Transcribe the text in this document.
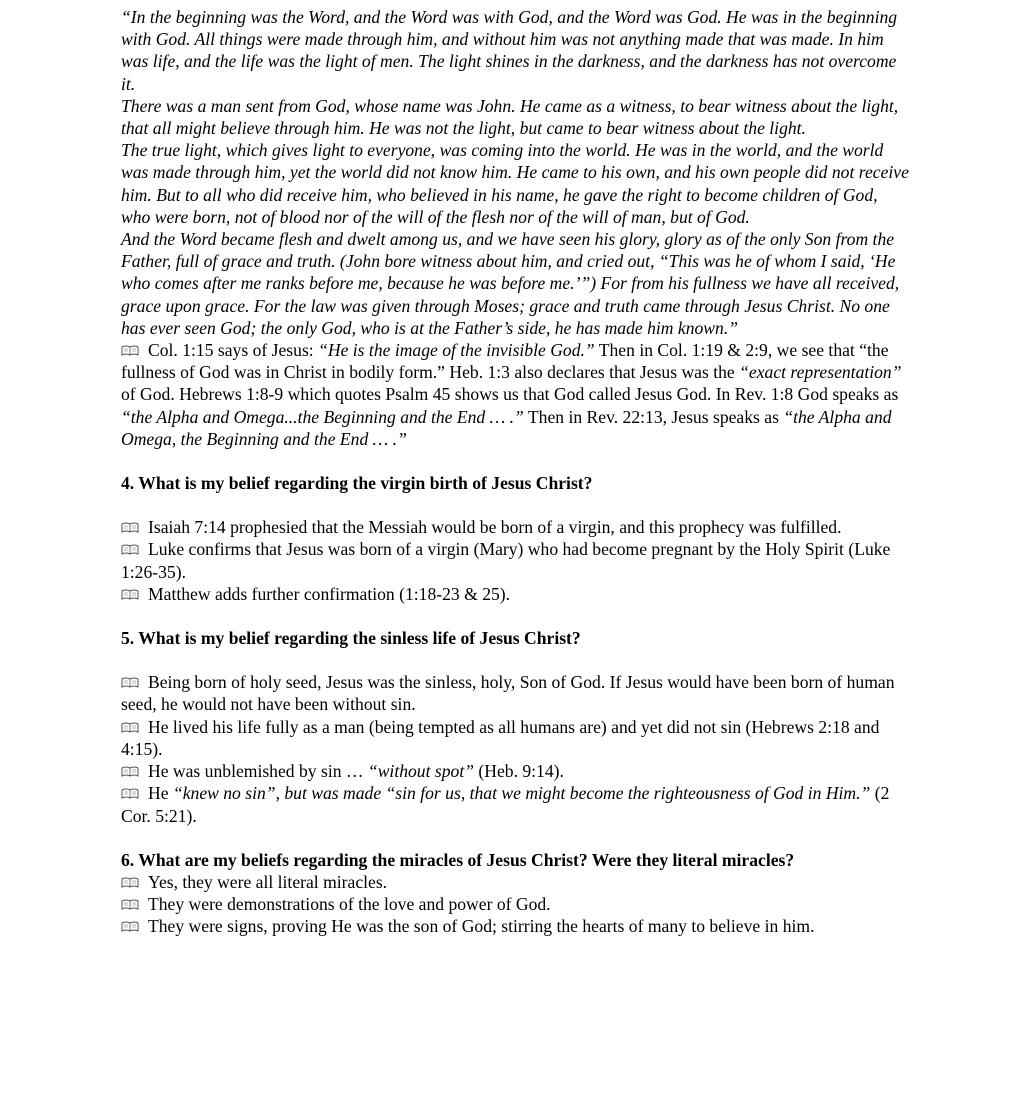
“In the beginning was the Word, and the Word was with God, and the Word was God. He was in the beginning with God. All things were made through him, and without him was not anything made that was made. In him was life, and the life was the light of men. The light shines in the darkness, and the darkness has not overcome it.

There was a man sent from God, whose name was John. He came as a witness, to bear witness about the light, that all might believe through him. He was not the light, but came to bear witness about the light.

The true light, which gives light to everyone, was coming into the world. He was in the world, and the world was made through him, yet the world did not know him. He came to his own, and his own people did not receive him. But to all who did receive him, who believed in his name, he gave the right to become children of God, who were born, not of blood nor of the will of the flesh nor of the will of man, but of God.

And the Word became flesh and dwelt among us, and we have seen his glory, glory as of the only Son from the Father, full of grace and truth. (John bore witness about him, and cried out, “This was he of whom I said, ‘He who comes after me ranks before me, because he was before me.’”) For from his fullness we have all received, grace upon grace. For the law was given through Moses; grace and truth came through Jesus Christ. No one has ever seen God; the only God, who is at the Father’s side, he has made him known.”

Col. 1:15 says of Jesus: “He is the image of the invisible God.” Then in Col. 1:19 & 2:9, we see that “the fullness of God was in Christ in bodily form.” Heb. 1:3 also declares that Jesus was the “exact representation” of God. Hebrews 1:8-9 which quotes Psalm 45 shows us that God called Jesus God. In Rev. 1:8 God speaks as “the Alpha and Omega...the Beginning and the End … .” Then in Rev. 22:13, Jesus speaks as “the Alpha and Omega, the Beginning and the End … .”

4. What is my belief regarding the virgin birth of Jesus Christ?

Isaiah 7:14 prophesied that the Messiah would be born of a virgin, and this prophecy was fulfilled.

Luke confirms that Jesus was born of a virgin (Mary) who had become pregnant by the Holy Spirit (Luke 1:26-35).

Matthew adds further confirmation (1:18-23 & 25).

5. What is my belief regarding the sinless life of Jesus Christ?

Being born of holy seed, Jesus was the sinless, holy, Son of God. If Jesus would have been born of human seed, he would not have been without sin.

He lived his life fully as a man (being tempted as all humans are) and yet did not sin (Hebrews 2:18 and 4:15).

He was unblemished by sin … “without spot” (Heb. 9:14).

He “knew no sin”, but was made “sin for us, that we might become the righteousness of God in Him.” (2 Cor. 5:21).

6. What are my beliefs regarding the miracles of Jesus Christ? Were they literal miracles?

Yes, they were all literal miracles.

They were demonstrations of the love and power of God.

They were signs, proving He was the son of God; stirring the hearts of many to believe in him.
